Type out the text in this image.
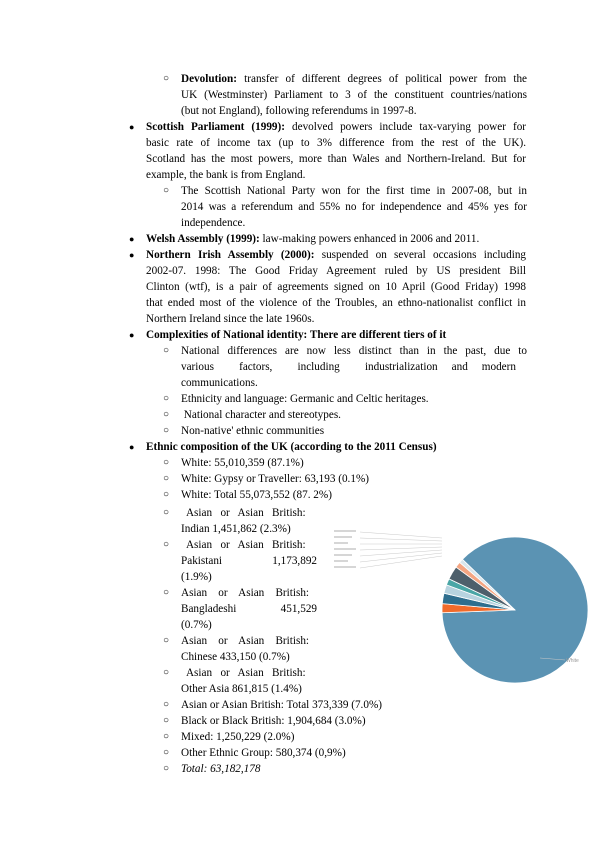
○ Devolution: transfer of different degrees of political power from the
UK (Westminster) Parliament to 3 of the constituent countries/nations
(but not England), following referendums in 1997-8.
● Scottish Parliament (1999): devolved powers include tax-varying power for
basic rate of income tax (up to 3% difference from the rest of the UK).
Scotland has the most powers, more than Wales and Northern-Ireland. But for
example, the bank is from England.
○ The Scottish National Party won for the first time in 2007-08, but in
2014 was a referendum and 55% no for independence and 45% yes for
independence.
● Welsh Assembly (1999): law-making powers enhanced in 2006 and 2011.
● Northern Irish Assembly (2000): suspended on several occasions including
2002-07. 1998: The Good Friday Agreement ruled by US president Bill
Clinton (wtf), is a pair of agreements signed on 10 April (Good Friday) 1998
that ended most of the violence of the Troubles, an ethno-nationalist conflict in
Northern Ireland since the late 1960s.
● Complexities of National identity: There are different tiers of it
○ National differences are now less distinct than in the past, due to
various         factors,         including         industrialization     and     modern
communications.
○ Ethnicity and language: Germanic and Celtic heritages.
○ National character and stereotypes.
○ Non-native' ethnic communities
● Ethnic composition of the UK (according to the 2011 Census)
○ White: 55,010,359 (87.1%)
○ White: Gypsy or Traveller: 63,193 (0.1%)
○ White: Total 55,073,552 (87. 2%)
○ Asian   or   Asian   British:
Indian 1,451,862 (2.3%)
○ Asian   or   Asian   British:
Pakistani	1,173,892
(1.9%)
○ Asian    or    Asian    British:
Bangladeshi	451,529
(0.7%)
○ Asian    or    Asian    British:
Chinese 433,150 (0.7%)
○ Asian   or   Asian   British:
Other Asia 861,815 (1.4%)
○ Asian or Asian British: Total 373,339 (7.0%)
○ Black or Black British: 1,904,684 (3.0%)
○ Mixed: 1,250,229 (2.0%)
○ Other Ethnic Group: 580,374 (0,9%)
○ Total: 63,182,178
White
